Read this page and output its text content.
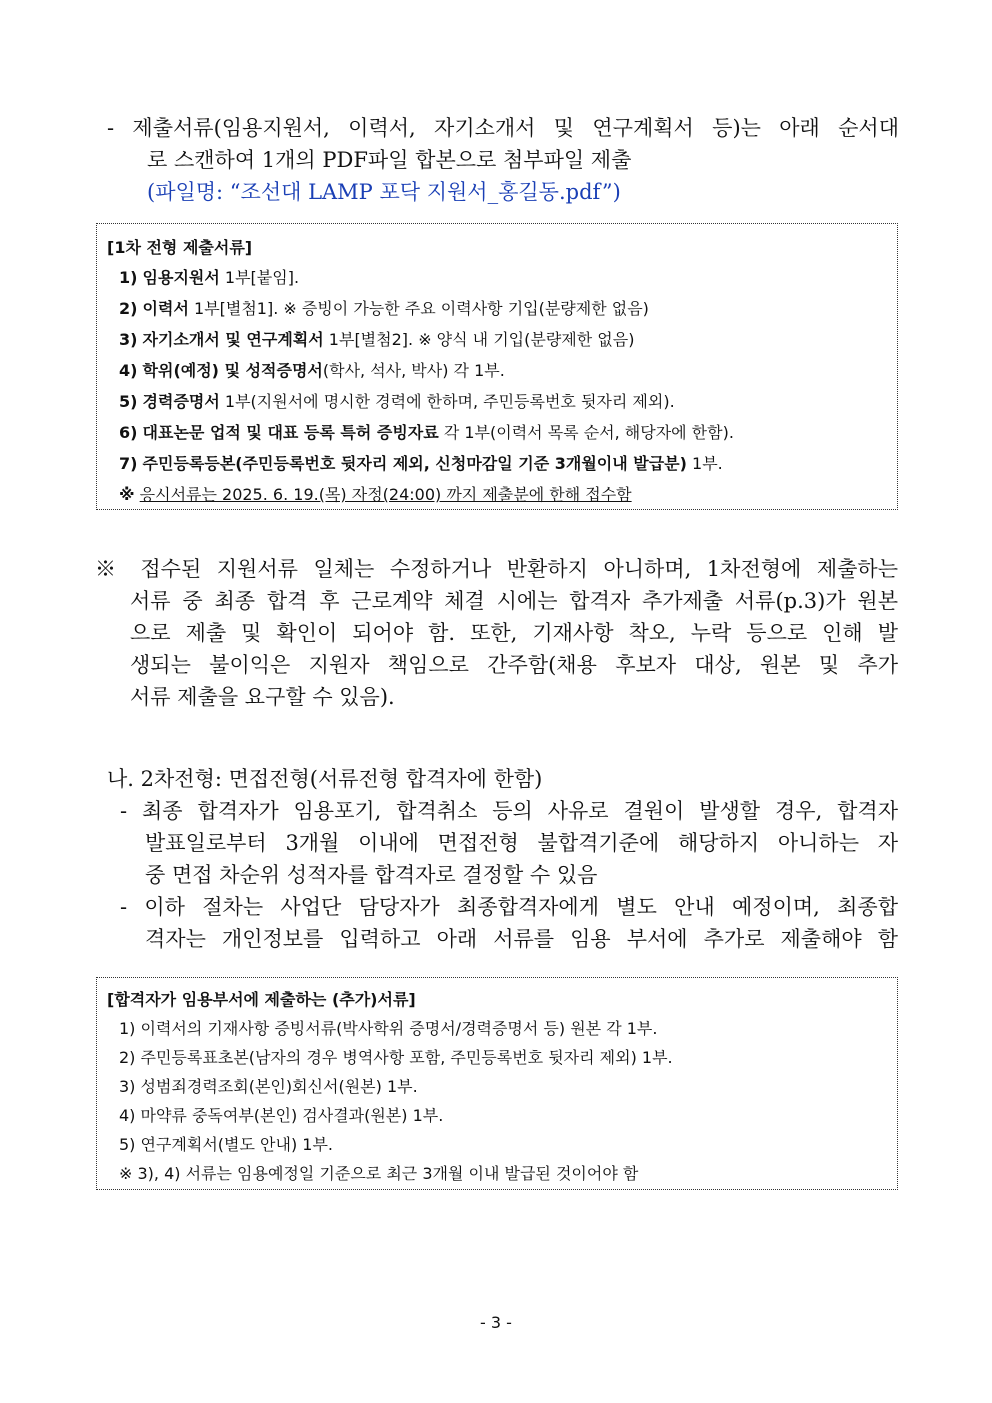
- 제출서류(임용지원서, 이력서, 자기소개서 및 연구계획서 등)는 아래 순서대
로 스캔하여 1개의 PDF파일 합본으로 첨부파일 제출
(파일명: “조선대 LAMP 포닥 지원서_홍길동.pdf”)
[1차 전형 제출서류]
1) 임용지원서 1부[붙임].
2) 이력서 1부[별첨1]. ※ 증빙이 가능한 주요 이력사항 기입(분량제한 없음)
3) 자기소개서 및 연구계획서 1부[별첨2]. ※ 양식 내 기입(분량제한 없음)
4) 학위(예정) 및 성적증명서(학사, 석사, 박사) 각 1부.
5) 경력증명서 1부(지원서에 명시한 경력에 한하며, 주민등록번호 뒷자리 제외).
6) 대표논문 업적 및 대표 등록 특허 증빙자료 각 1부(이력서 목록 순서, 해당자에 한함).
7) 주민등록등본(주민등록번호 뒷자리 제외, 신청마감일 기준 3개월이내 발급분) 1부.
※ 응시서류는 2025. 6. 19.(목) 자정(24:00) 까지 제출분에 한해 접수함
※ 접수된 지원서류 일체는 수정하거나 반환하지 아니하며, 1차전형에 제출하는
서류 중 최종 합격 후 근로계약 체결 시에는 합격자 추가제출 서류(p.3)가 원본
으로 제출 및 확인이 되어야 함. 또한, 기재사항 착오, 누락 등으로 인해 발
생되는 불이익은 지원자 책임으로 간주함(채용 후보자 대상, 원본 및 추가
서류 제출을 요구할 수 있음).
나. 2차전형: 면접전형(서류전형 합격자에 한함)
- 최종 합격자가 임용포기, 합격취소 등의 사유로 결원이 발생할 경우, 합격자
발표일로부터 3개월 이내에 면접전형 불합격기준에 해당하지 아니하는 자
중 면접 차순위 성적자를 합격자로 결정할 수 있음
- 이하 절차는 사업단 담당자가 최종합격자에게 별도 안내 예정이며, 최종합
격자는 개인정보를 입력하고 아래 서류를 임용 부서에 추가로 제출해야 함
[합격자가 임용부서에 제출하는 (추가)서류]
1) 이력서의 기재사항 증빙서류(박사학위 증명서/경력증명서 등) 원본 각 1부.
2) 주민등록표초본(남자의 경우 병역사항 포함, 주민등록번호 뒷자리 제외) 1부.
3) 성범죄경력조회(본인)회신서(원본) 1부.
4) 마약류 중독여부(본인) 검사결과(원본) 1부.
5) 연구계획서(별도 안내) 1부.
※ 3), 4) 서류는 임용예정일 기준으로 최근 3개월 이내 발급된 것이어야 함
- 3 -
